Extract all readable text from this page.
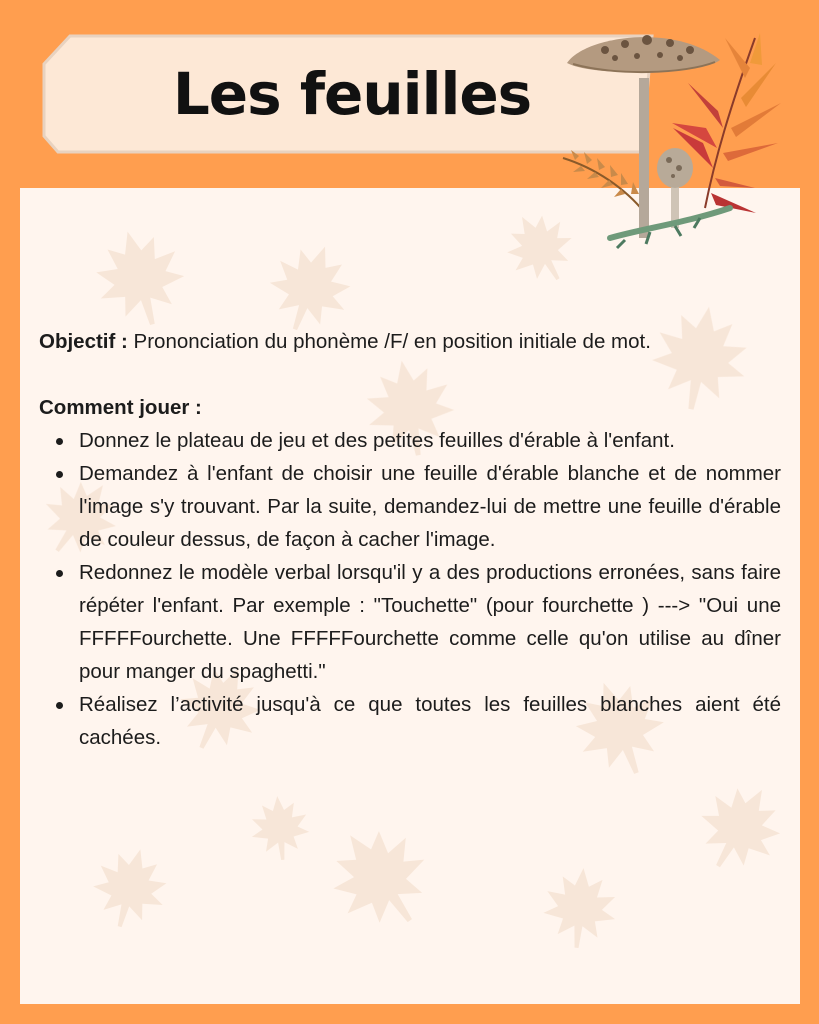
Les feuilles

Objectif : Prononciation du phonème /F/ en position initiale de mot.

Comment jouer :

Donnez le plateau de jeu et des petites feuilles d'érable à l'enfant.
Demandez à l'enfant de choisir une feuille d'érable blanche et de nommer l'image s'y trouvant. Par la suite, demandez-lui de mettre une feuille d'érable de couleur dessus, de façon à cacher l'image.
Redonnez le modèle verbal lorsqu'il y a des productions erronées, sans faire répéter l'enfant. Par exemple : "Touchette" (pour fourchette ) ---> "Oui une FFFFFourchette. Une FFFFFourchette comme celle qu'on utilise au dîner pour manger du spaghetti."
Réalisez l’activité jusqu'à ce que toutes les feuilles blanches aient été cachées.
